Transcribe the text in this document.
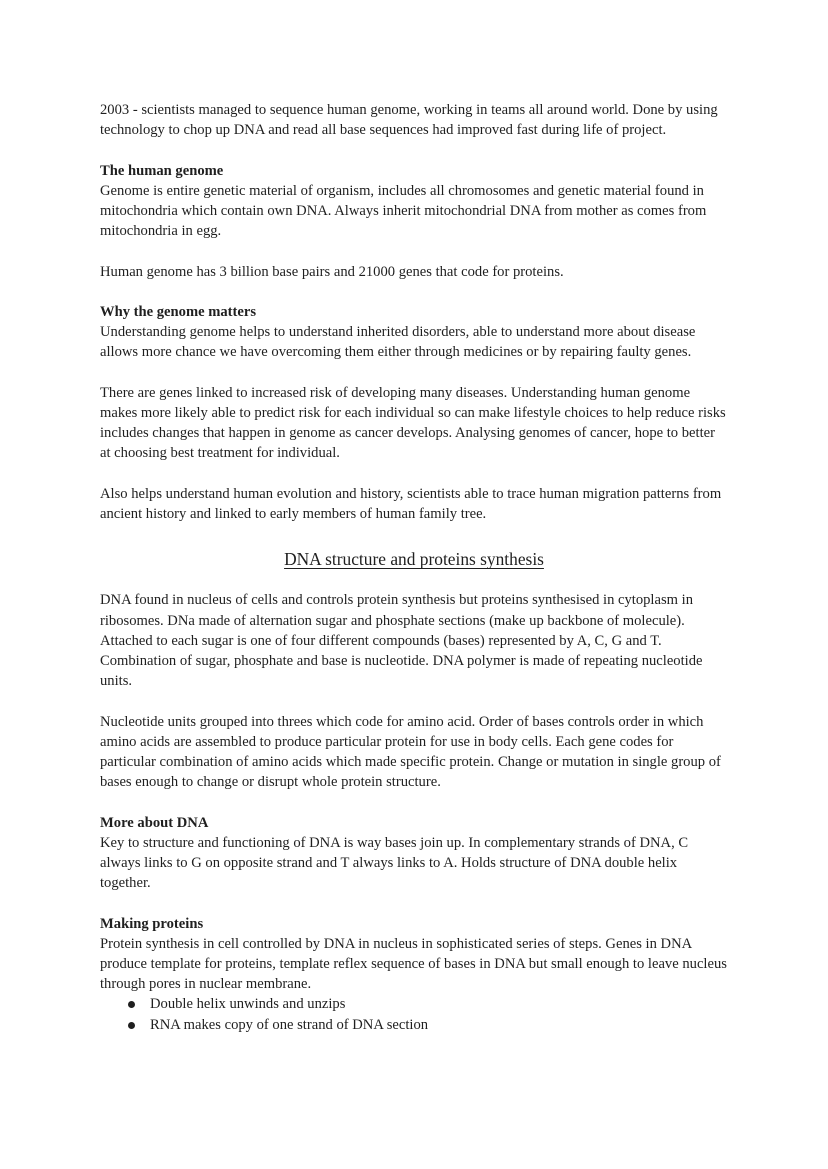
2003 - scientists managed to sequence human genome, working in teams all around world. Done by using technology to chop up DNA and read all base sequences had improved fast during life of project.

The human genome

Genome is entire genetic material of organism, includes all chromosomes and genetic material found in mitochondria which contain own DNA. Always inherit mitochondrial DNA from mother as comes from mitochondria in egg.

Human genome has 3 billion base pairs and 21000 genes that code for proteins.

Why the genome matters

Understanding genome helps to understand inherited disorders, able to understand more about disease allows more chance we have overcoming them either through medicines or by repairing faulty genes.

There are genes linked to increased risk of developing many diseases. Understanding human genome makes more likely able to predict risk for each individual so can make lifestyle choices to help reduce risks includes changes that happen in genome as cancer develops. Analysing genomes of cancer, hope to better at choosing best treatment for individual.

Also helps understand human evolution and history, scientists able to trace human migration patterns from ancient history and linked to early members of human family tree.

DNA structure and proteins synthesis

DNA found in nucleus of cells and controls protein synthesis but proteins synthesised in cytoplasm in ribosomes. DNa made of alternation sugar and phosphate sections (make up backbone of molecule). Attached to each sugar is one of four different compounds (bases) represented by A, C, G and T. Combination of sugar, phosphate and base is nucleotide. DNA polymer is made of repeating nucleotide units.

Nucleotide units grouped into threes which code for amino acid. Order of bases controls order in which amino acids are assembled to produce particular protein for use in body cells. Each gene codes for particular combination of amino acids which made specific protein. Change or mutation in single group of bases enough to change or disrupt whole protein structure.

More about DNA

Key to structure and functioning of DNA is way bases join up. In complementary strands of DNA, C always links to G on opposite strand and T always links to A. Holds structure of DNA double helix together.

Making proteins

Protein synthesis in cell controlled by DNA in nucleus in sophisticated series of steps. Genes in DNA produce template for proteins, template reflex sequence of bases in DNA but small enough to leave nucleus through pores in nuclear membrane.

Double helix unwinds and unzips
RNA makes copy of one strand of DNA section
